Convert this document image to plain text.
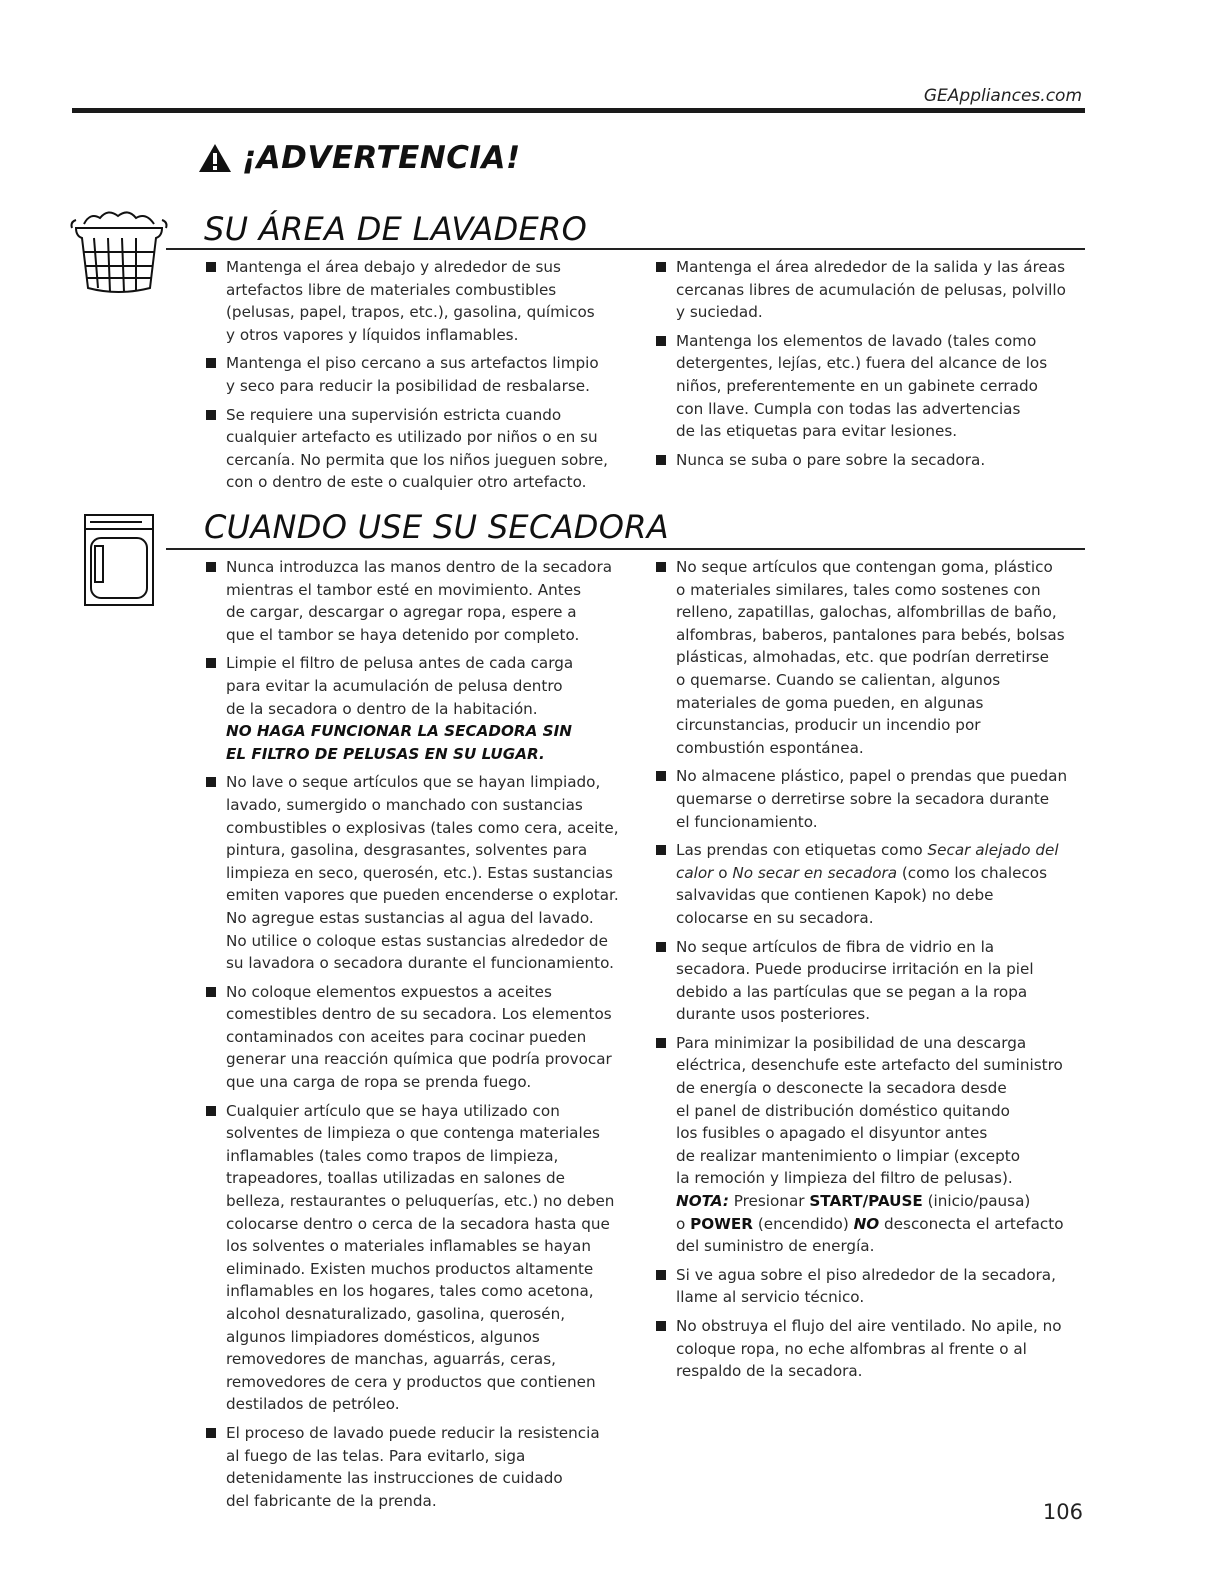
GEAppliances.com
¡ADVERTENCIA!
SU ÁREA DE LAVADERO
Mantenga el área debajo y alrededor de sus
artefactos libre de materiales combustibles
(pelusas, papel, trapos, etc.), gasolina, químicos
y otros vapores y líquidos inflamables.
Mantenga el piso cercano a sus artefactos limpio
y seco para reducir la posibilidad de resbalarse.
Se requiere una supervisión estricta cuando
cualquier artefacto es utilizado por niños o en su
cercanía. No permita que los niños jueguen sobre,
con o dentro de este o cualquier otro artefacto.
Mantenga el área alrededor de la salida y las áreas
cercanas libres de acumulación de pelusas, polvillo
y suciedad.
Mantenga los elementos de lavado (tales como
detergentes, lejías, etc.) fuera del alcance de los
niños, preferentemente en un gabinete cerrado
con llave. Cumpla con todas las advertencias
de las etiquetas para evitar lesiones.
Nunca se suba o pare sobre la secadora.
CUANDO USE SU SECADORA
Nunca introduzca las manos dentro de la secadora
mientras el tambor esté en movimiento. Antes
de cargar, descargar o agregar ropa, espere a
que el tambor se haya detenido por completo.
Limpie el filtro de pelusa antes de cada carga
para evitar la acumulación de pelusa dentro
de la secadora o dentro de la habitación.
NO HAGA FUNCIONAR LA SECADORA SIN
EL FILTRO DE PELUSAS EN SU LUGAR.
No lave o seque artículos que se hayan limpiado,
lavado, sumergido o manchado con sustancias
combustibles o explosivas (tales como cera, aceite,
pintura, gasolina, desgrasantes, solventes para
limpieza en seco, querosén, etc.). Estas sustancias
emiten vapores que pueden encenderse o explotar.
No agregue estas sustancias al agua del lavado.
No utilice o coloque estas sustancias alrededor de
su lavadora o secadora durante el funcionamiento.
No coloque elementos expuestos a aceites
comestibles dentro de su secadora. Los elementos
contaminados con aceites para cocinar pueden
generar una reacción química que podría provocar
que una carga de ropa se prenda fuego.
Cualquier artículo que se haya utilizado con
solventes de limpieza o que contenga materiales
inflamables (tales como trapos de limpieza,
trapeadores, toallas utilizadas en salones de
belleza, restaurantes o peluquerías, etc.) no deben
colocarse dentro o cerca de la secadora hasta que
los solventes o materiales inflamables se hayan
eliminado. Existen muchos productos altamente
inflamables en los hogares, tales como acetona,
alcohol desnaturalizado, gasolina, querosén,
algunos limpiadores domésticos, algunos
removedores de manchas, aguarrás, ceras,
removedores de cera y productos que contienen
destilados de petróleo.
El proceso de lavado puede reducir la resistencia
al fuego de las telas. Para evitarlo, siga
detenidamente las instrucciones de cuidado
del fabricante de la prenda.
No seque artículos que contengan goma, plástico
o materiales similares, tales como sostenes con
relleno, zapatillas, galochas, alfombrillas de baño,
alfombras, baberos, pantalones para bebés, bolsas
plásticas, almohadas, etc. que podrían derretirse
o quemarse. Cuando se calientan, algunos
materiales de goma pueden, en algunas
circunstancias, producir un incendio por
combustión espontánea.
No almacene plástico, papel o prendas que puedan
quemarse o derretirse sobre la secadora durante
el funcionamiento.
Las prendas con etiquetas como Secar alejado del
calor o No secar en secadora (como los chalecos
salvavidas que contienen Kapok) no debe
colocarse en su secadora.
No seque artículos de fibra de vidrio en la
secadora. Puede producirse irritación en la piel
debido a las partículas que se pegan a la ropa
durante usos posteriores.
Para minimizar la posibilidad de una descarga
eléctrica, desenchufe este artefacto del suministro
de energía o desconecte la secadora desde
el panel de distribución doméstico quitando
los fusibles o apagado el disyuntor antes
de realizar mantenimiento o limpiar (excepto
la remoción y limpieza del filtro de pelusas).
NOTA: Presionar START/PAUSE (inicio/pausa)
o POWER (encendido) NO desconecta el artefacto
del suministro de energía.
Si ve agua sobre el piso alrededor de la secadora,
llame al servicio técnico.
No obstruya el flujo del aire ventilado. No apile, no
coloque ropa, no eche alfombras al frente o al
respaldo de la secadora.
106
